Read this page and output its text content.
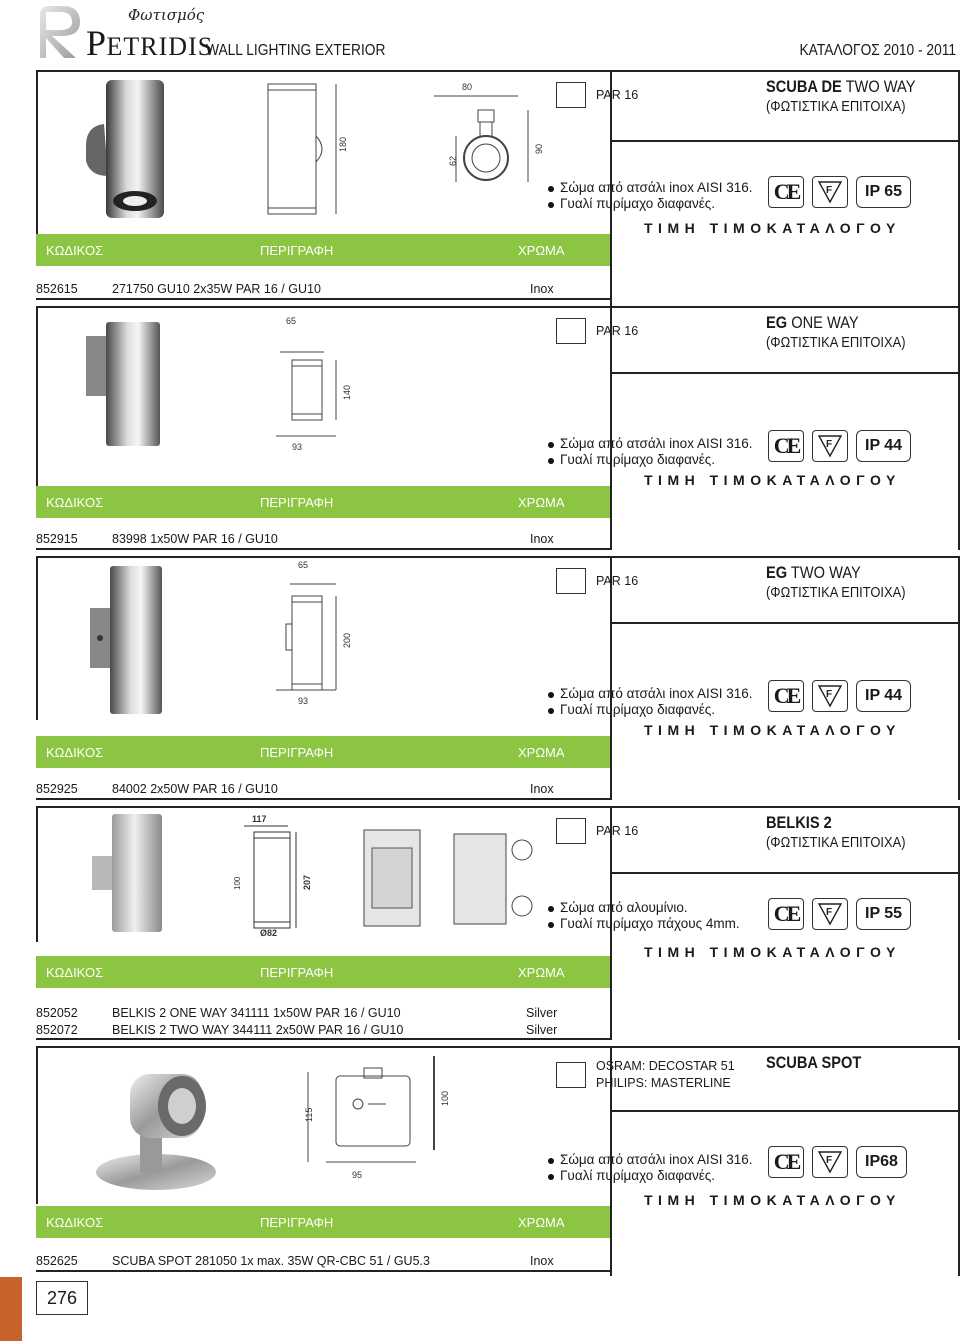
Φωτισμός
PETRIDIS
WALL LIGHTING EXTERIOR	ΚΑΤΑΛΟΓΟΣ 2010 - 2011
180
80
62
90
PAR 16
Σώμα από ατσάλι inox AISI 316.
Γυαλί πυρίμαχο διαφανές.
SCUBA DE TWO WAY
(ΦΩΤΙΣΤΙΚΑ ΕΠΙΤΟΙΧΑ)
CE	F	IP 65
ΤΙΜΗ ΤΙΜΟΚΑΤΑΛΟΓΟΥ
ΚΩΔΙΚΟΣ	ΠΕΡΙΓΡΑΦΗ	ΧΡΩΜΑ
852615	271750 GU10 2x35W PAR 16 / GU10	Inox
65
140
93
PAR 16
Σώμα από ατσάλι inox AISI 316.
Γυαλί πυρίμαχο διαφανές.
EG ONE WAY
(ΦΩΤΙΣΤΙΚΑ ΕΠΙΤΟΙΧΑ)
CE	F	IP 44
ΤΙΜΗ ΤΙΜΟΚΑΤΑΛΟΓΟΥ
ΚΩΔΙΚΟΣ	ΠΕΡΙΓΡΑΦΗ	ΧΡΩΜΑ
852915	83998 1x50W PAR 16 / GU10	Inox
65
200
93
PAR 16
Σώμα από ατσάλι inox AISI 316.
Γυαλί πυρίμαχο διαφανές.
EG TWO WAY
(ΦΩΤΙΣΤΙΚΑ ΕΠΙΤΟΙΧΑ)
CE	F	IP 44
ΤΙΜΗ ΤΙΜΟΚΑΤΑΛΟΓΟΥ
ΚΩΔΙΚΟΣ	ΠΕΡΙΓΡΑΦΗ	ΧΡΩΜΑ
852925	84002 2x50W PAR 16 / GU10	Inox
117
100	207
Ø82
PAR 16
Σώμα από αλουμίνιο.
Γυαλί πυρίμαχο πάχους 4mm.
BELKIS 2
(ΦΩΤΙΣΤΙΚΑ ΕΠΙΤΟΙΧΑ)
CE	F	IP 55
ΤΙΜΗ ΤΙΜΟΚΑΤΑΛΟΓΟΥ
ΚΩΔΙΚΟΣ	ΠΕΡΙΓΡΑΦΗ	ΧΡΩΜΑ
852052	BELKIS 2 ONE WAY 341111 1x50W PAR 16 / GU10	Silver
852072	BELKIS 2 TWO WAY 344111 2x50W PAR 16 / GU10	Silver
115
100
95
OSRAM: DECOSTAR 51
PHILIPS: MASTERLINE
Σώμα από ατσάλι inox AISI 316.
Γυαλί πυρίμαχο διαφανές.
SCUBA SPOT
CE	F	IP68
ΤΙΜΗ ΤΙΜΟΚΑΤΑΛΟΓΟΥ
ΚΩΔΙΚΟΣ	ΠΕΡΙΓΡΑΦΗ	ΧΡΩΜΑ
852625	SCUBA SPOT 281050 1x max. 35W QR-CBC 51 / GU5.3	Inox
276
